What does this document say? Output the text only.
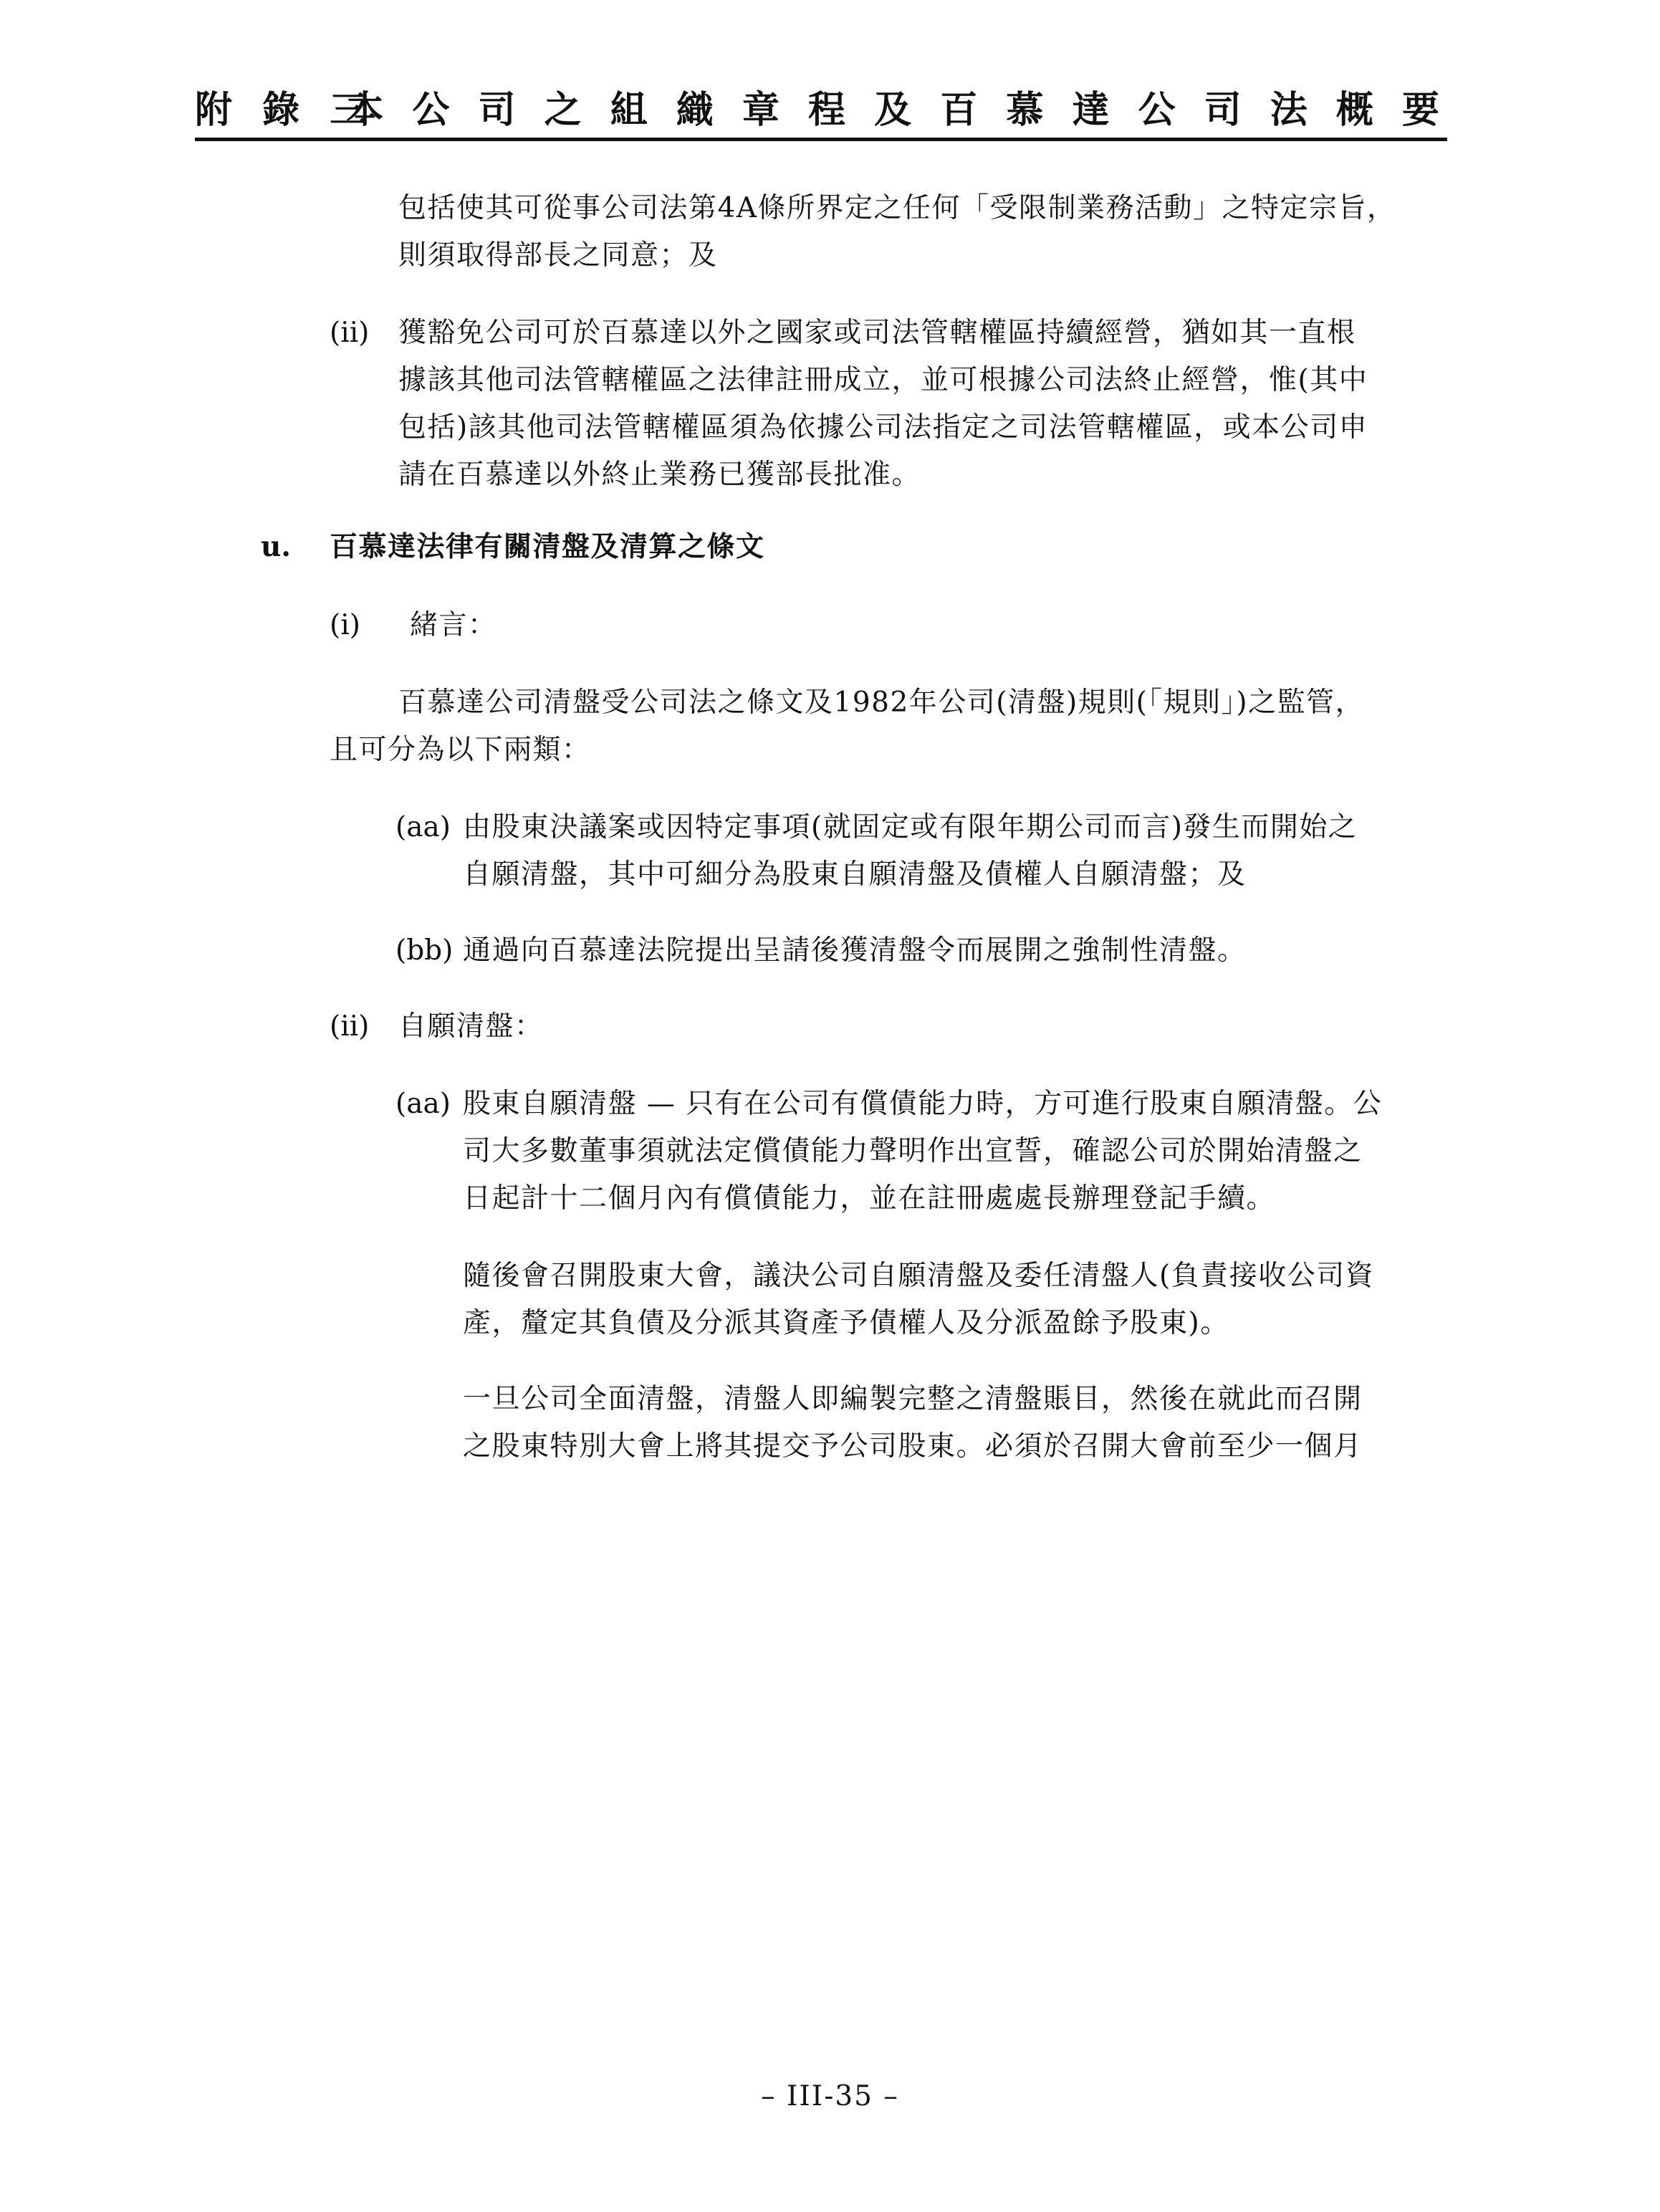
附 錄 三
本 公 司 之 組 織 章 程 及 百 慕 達 公 司 法 概 要
包括使其可從事公司法第4A條所界定之任何「受限制業務活動」之特定宗旨，
則須取得部長之同意；及
(ii) 獲豁免公司可於百慕達以外之國家或司法管轄權區持續經營，猶如其一直根
據該其他司法管轄權區之法律註冊成立，並可根據公司法終止經營，惟(其中
包括)該其他司法管轄權區須為依據公司法指定之司法管轄權區，或本公司申
請在百慕達以外終止業務已獲部長批准。
u. 百慕達法律有關清盤及清算之條文
(i) 緒言：
百慕達公司清盤受公司法之條文及1982年公司(清盤)規則(「規則」)之監管，
且可分為以下兩類：
(aa) 由股東決議案或因特定事項(就固定或有限年期公司而言)發生而開始之
自願清盤，其中可細分為股東自願清盤及債權人自願清盤；及
(bb) 通過向百慕達法院提出呈請後獲清盤令而展開之強制性清盤。
(ii) 自願清盤：
(aa) 股東自願清盤 — 只有在公司有償債能力時，方可進行股東自願清盤。公
司大多數董事須就法定償債能力聲明作出宣誓，確認公司於開始清盤之
日起計十二個月內有償債能力，並在註冊處處長辦理登記手續。
隨後會召開股東大會，議決公司自願清盤及委任清盤人(負責接收公司資
產，釐定其負債及分派其資產予債權人及分派盈餘予股東)。
一旦公司全面清盤，清盤人即編製完整之清盤賬目，然後在就此而召開
之股東特別大會上將其提交予公司股東。必須於召開大會前至少一個月
– III-35 –
